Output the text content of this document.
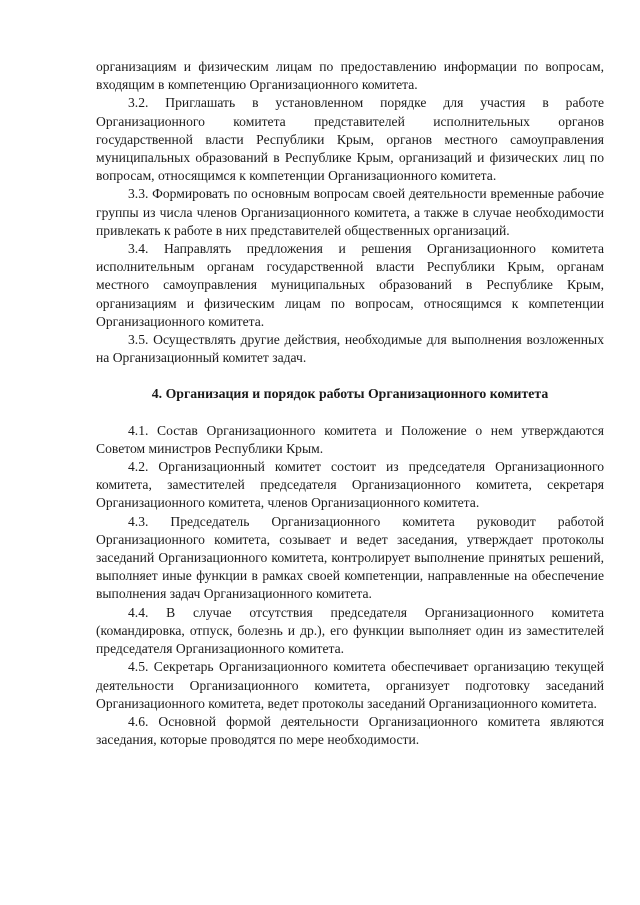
организациям и физическим лицам по предоставлению информации по вопросам, входящим в компетенцию Организационного комитета.

3.2. Приглашать в установленном порядке для участия в работе Организационного комитета представителей исполнительных органов государственной власти Республики Крым, органов местного самоуправления муниципальных образований в Республике Крым, организаций и физических лиц по вопросам, относящимся к компетенции Организационного комитета.

3.3. Формировать по основным вопросам своей деятельности временные рабочие группы из числа членов Организационного комитета, а также в случае необходимости привлекать к работе в них представителей общественных организаций.

3.4. Направлять предложения и решения Организационного комитета исполнительным органам государственной власти Республики Крым, органам местного самоуправления муниципальных образований в Республике Крым, организациям и физическим лицам по вопросам, относящимся к компетенции Организационного комитета.

3.5. Осуществлять другие действия, необходимые для выполнения возложенных на Организационный комитет задач.

4. Организация и порядок работы Организационного комитета

4.1. Состав Организационного комитета и Положение о нем утверждаются Советом министров Республики Крым.

4.2. Организационный комитет состоит из председателя Организационного комитета, заместителей председателя Организационного комитета, секретаря Организационного комитета, членов Организационного комитета.

4.3. Председатель Организационного комитета руководит работой Организационного комитета, созывает и ведет заседания, утверждает протоколы заседаний Организационного комитета, контролирует выполнение принятых решений, выполняет иные функции в рамках своей компетенции, направленные на обеспечение выполнения задач Организационного комитета.

4.4. В случае отсутствия председателя Организационного комитета (командировка, отпуск, болезнь и др.), его функции выполняет один из заместителей председателя Организационного комитета.

4.5. Секретарь Организационного комитета обеспечивает организацию текущей деятельности Организационного комитета, организует подготовку заседаний Организационного комитета, ведет протоколы заседаний Организационного комитета.

4.6. Основной формой деятельности Организационного комитета являются заседания, которые проводятся по мере необходимости.
